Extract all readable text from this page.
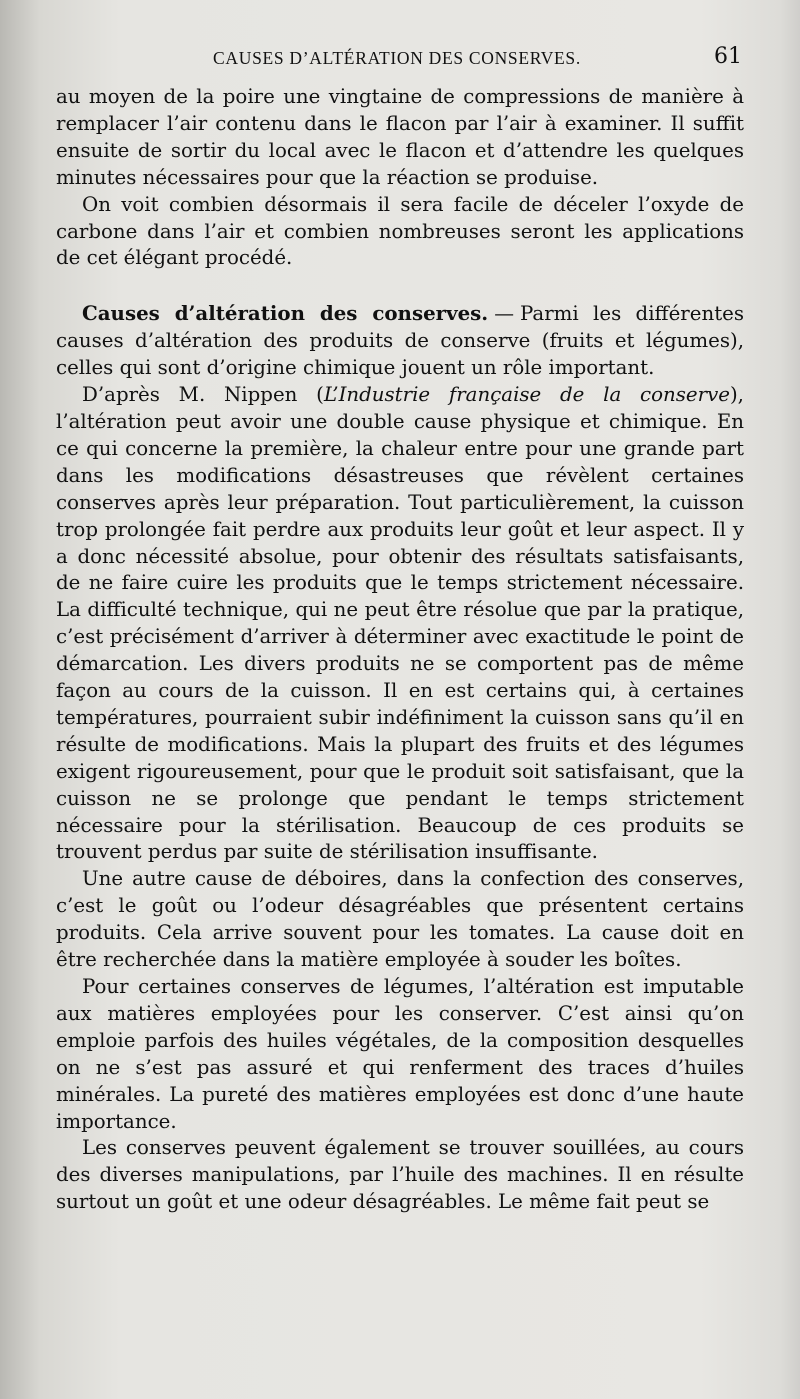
CAUSES D’ALTÉRATION DES CONSERVES.	61

au moyen de la poire une vingtaine de compressions de manière à remplacer l’air contenu dans le flacon par l’air à examiner. Il suffit ensuite de sortir du local avec le flacon et d’attendre les quelques minutes nécessaires pour que la réaction se produise.

On voit combien désormais il sera facile de déceler l’oxyde de carbone dans l’air et combien nombreuses seront les applications de cet élégant procédé.

Causes d’altération des conserves. — Parmi les différentes causes d’altération des produits de conserve (fruits et légumes), celles qui sont d’origine chimique jouent un rôle important.

D’après M. Nippen (L’Industrie française de la conserve), l’altération peut avoir une double cause physique et chimique. En ce qui concerne la première, la chaleur entre pour une grande part dans les modifications désastreuses que révèlent certaines conserves après leur préparation. Tout particulièrement, la cuisson trop prolongée fait perdre aux produits leur goût et leur aspect. Il y a donc nécessité absolue, pour obtenir des résultats satisfaisants, de ne faire cuire les produits que le temps strictement nécessaire. La difficulté technique, qui ne peut être résolue que par la pratique, c’est précisément d’arriver à déterminer avec exactitude le point de démarcation. Les divers produits ne se comportent pas de même façon au cours de la cuisson. Il en est certains qui, à certaines températures, pourraient subir indéfiniment la cuisson sans qu’il en résulte de modifications. Mais la plupart des fruits et des légumes exigent rigoureusement, pour que le produit soit satisfaisant, que la cuisson ne se prolonge que pendant le temps strictement nécessaire pour la stérilisation. Beaucoup de ces produits se trouvent perdus par suite de stérilisation insuffisante.

Une autre cause de déboires, dans la confection des conserves, c’est le goût ou l’odeur désagréables que présentent certains produits. Cela arrive souvent pour les tomates. La cause doit en être recherchée dans la matière employée à souder les boîtes.

Pour certaines conserves de légumes, l’altération est imputable aux matières employées pour les conserver. C’est ainsi qu’on emploie parfois des huiles végétales, de la composition desquelles on ne s’est pas assuré et qui renferment des traces d’huiles minérales. La pureté des matières employées est donc d’une haute importance.

Les conserves peuvent également se trouver souillées, au cours des diverses manipulations, par l’huile des machines. Il en résulte surtout un goût et une odeur désagréables. Le même fait peut se
